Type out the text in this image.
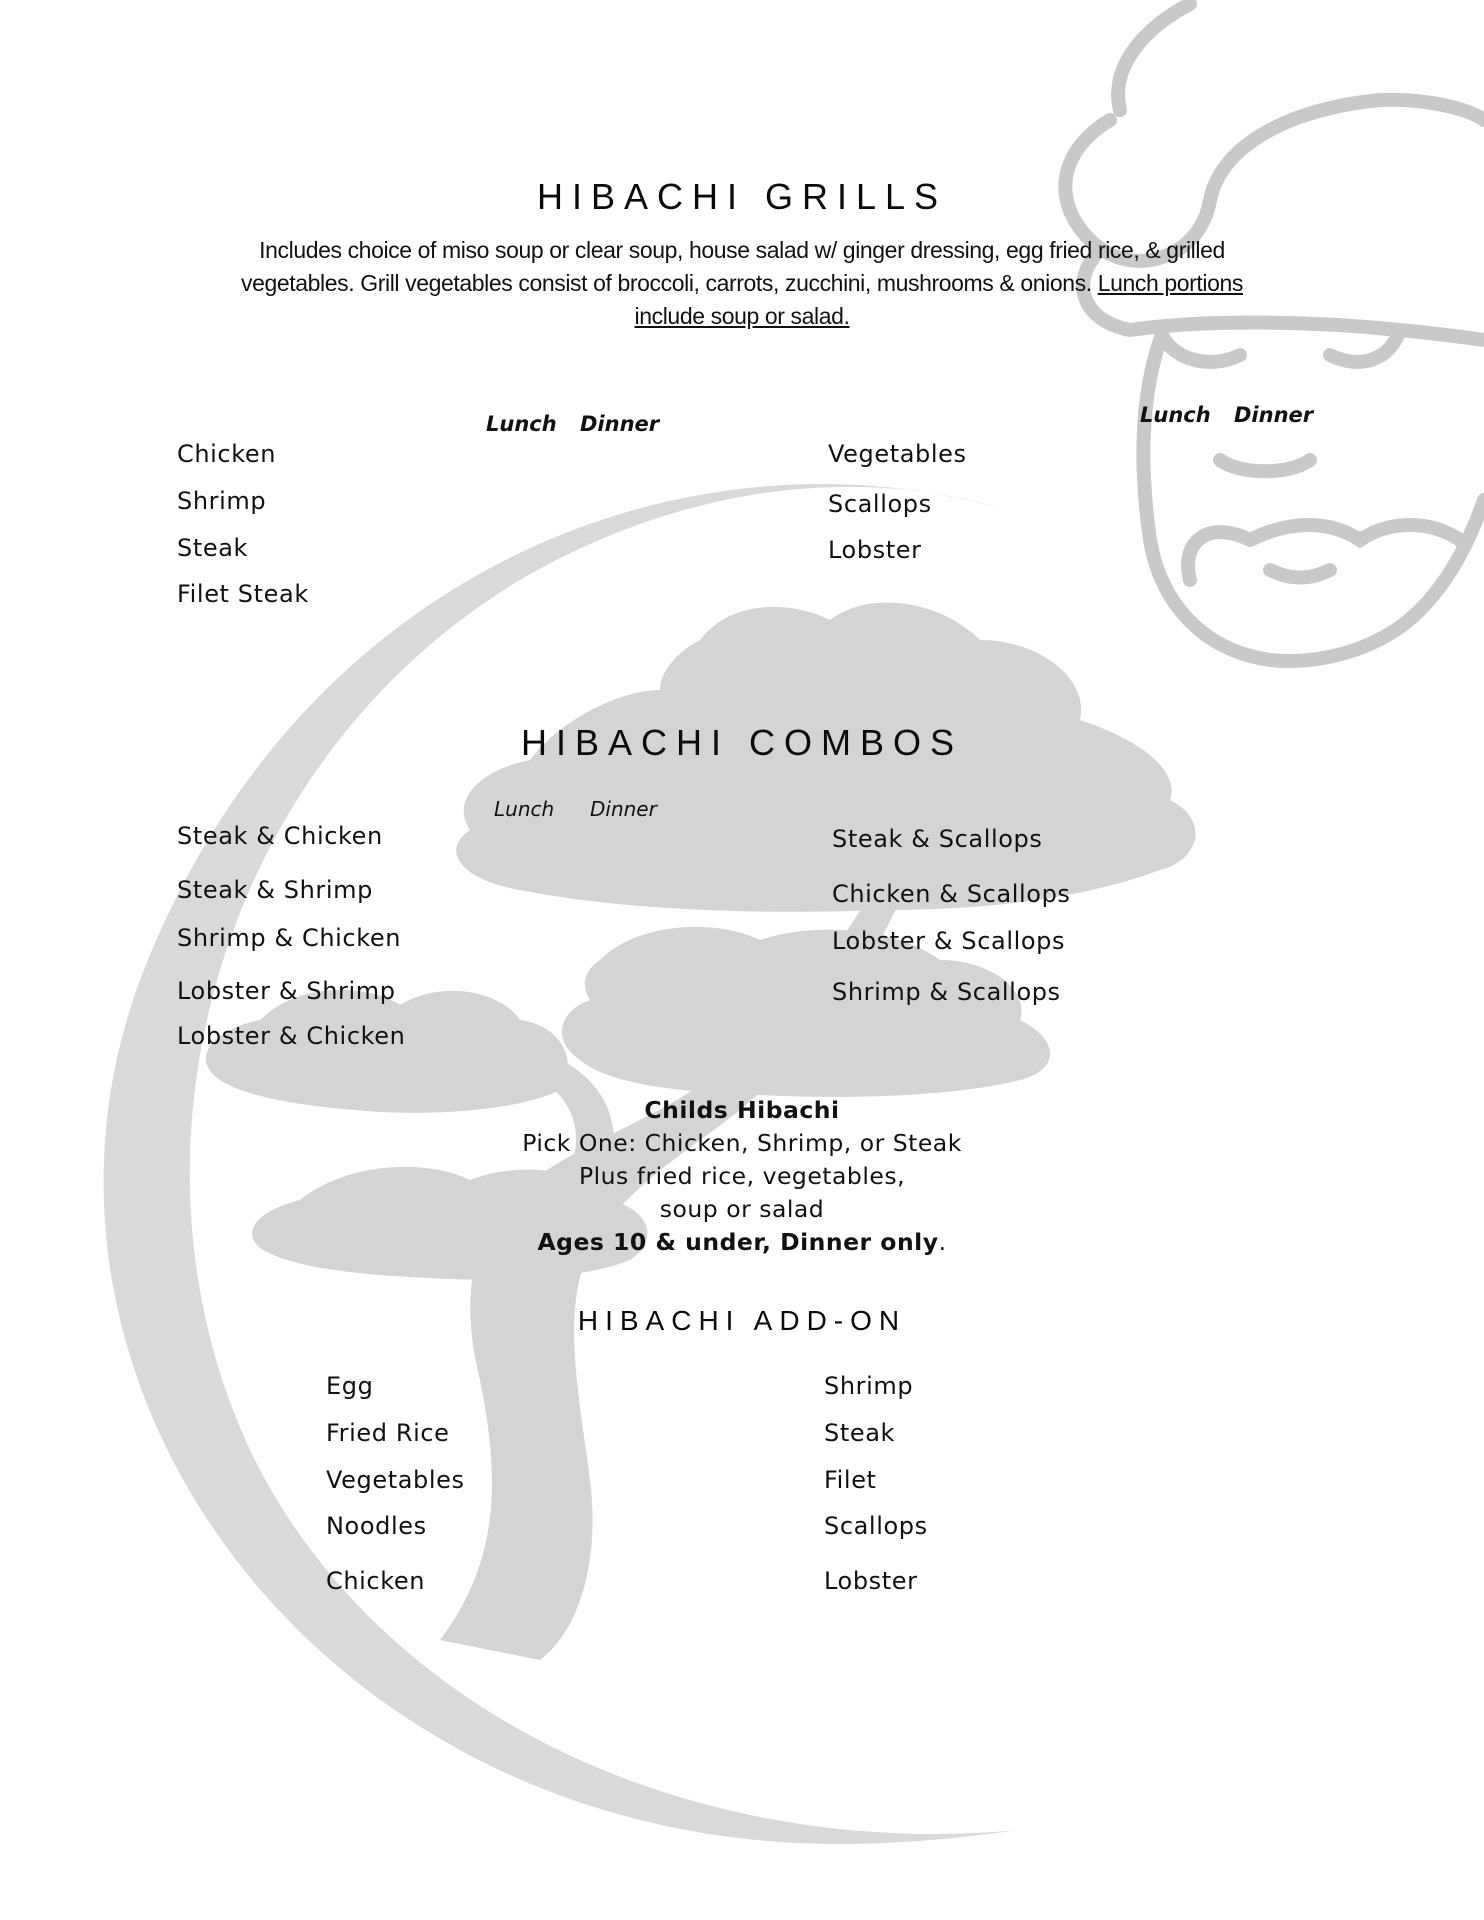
HIBACHI GRILLS
Includes choice of miso soup or clear soup, house salad w/ ginger dressing, egg fried rice, & grilled vegetables. Grill vegetables consist of broccoli, carrots, zucchini, mushrooms & onions. Lunch portions include soup or salad.
Lunch Dinner	Lunch Dinner
Chicken
Shrimp
Steak
Filet Steak
Vegetables
Scallops
Lobster
HIBACHI COMBOS
Lunch Dinner
Steak & Chicken
Steak & Shrimp
Shrimp & Chicken
Lobster & Shrimp
Lobster & Chicken
Steak & Scallops
Chicken & Scallops
Lobster & Scallops
Shrimp & Scallops
Childs Hibachi
Pick One: Chicken, Shrimp, or Steak
Plus fried rice, vegetables,
soup or salad
Ages 10 & under, Dinner only.
HIBACHI ADD-ON
Egg
Fried Rice
Vegetables
Noodles
Chicken
Shrimp
Steak
Filet
Scallops
Lobster
